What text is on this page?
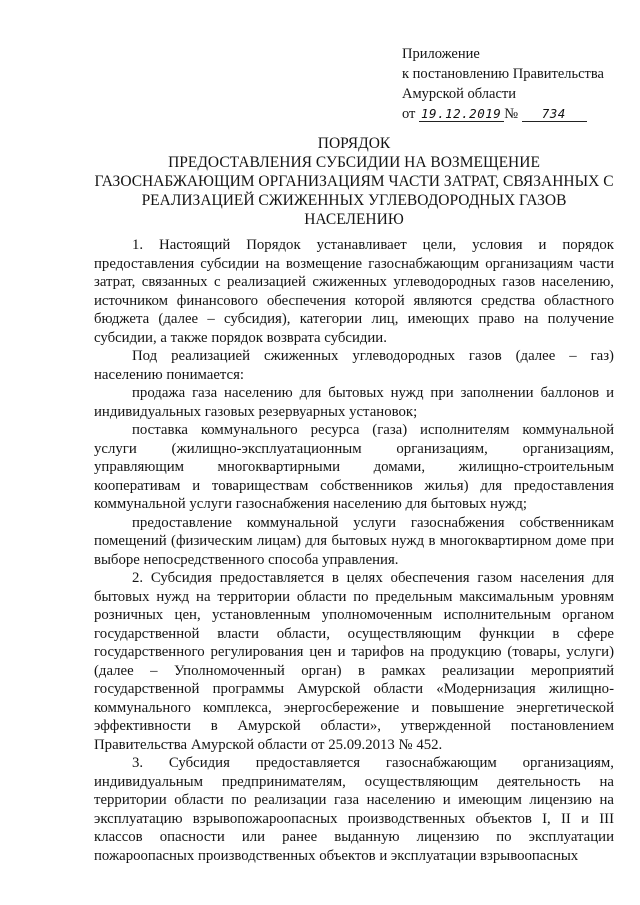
Приложение
к постановлению Правительства
Амурской области
от 19.12.2019 № 734
ПОРЯДОК
ПРЕДОСТАВЛЕНИЯ СУБСИДИИ НА ВОЗМЕЩЕНИЕ
ГАЗОСНАБЖАЮЩИМ ОРГАНИЗАЦИЯМ ЧАСТИ ЗАТРАТ, СВЯЗАННЫХ С
РЕАЛИЗАЦИЕЙ СЖИЖЕННЫХ УГЛЕВОДОРОДНЫХ ГАЗОВ
НАСЕЛЕНИЮ

1. Настоящий Порядок устанавливает цели, условия и порядок предоставления субсидии на возмещение газоснабжающим организациям части затрат, связанных с реализацией сжиженных углеводородных газов населению, источником финансового обеспечения которой являются средства областного бюджета (далее – субсидия), категории лиц, имеющих право на получение субсидии, а также порядок возврата субсидии.

Под реализацией сжиженных углеводородных газов (далее – газ) населению понимается:

продажа газа населению для бытовых нужд при заполнении баллонов и индивидуальных газовых резервуарных установок;

поставка коммунального ресурса (газа) исполнителям коммунальной услуги (жилищно-эксплуатационным организациям, организациям, управляющим многоквартирными домами, жилищно-строительным кооперативам и товариществам собственников жилья) для предоставления коммунальной услуги газоснабжения населению для бытовых нужд;

предоставление коммунальной услуги газоснабжения собственникам помещений (физическим лицам) для бытовых нужд в многоквартирном доме при выборе непосредственного способа управления.

2. Субсидия предоставляется в целях обеспечения газом населения для бытовых нужд на территории области по предельным максимальным уровням розничных цен, установленным уполномоченным исполнительным органом государственной власти области, осуществляющим функции в сфере государственного регулирования цен и тарифов на продукцию (товары, услуги) (далее – Уполномоченный орган) в рамках реализации мероприятий государственной программы Амурской области «Модернизация жилищно-коммунального комплекса, энергосбережение и повышение энергетической эффективности в Амурской области», утвержденной постановлением Правительства Амурской области от 25.09.2013 № 452.

3. Субсидия предоставляется газоснабжающим организациям, индивидуальным предпринимателям, осуществляющим деятельность на территории области по реализации газа населению и имеющим лицензию на эксплуатацию взрывопожароопасных производственных объектов I, II и III классов опасности или ранее выданную лицензию по эксплуатации пожароопасных производственных объектов и эксплуатации взрывоопасных
